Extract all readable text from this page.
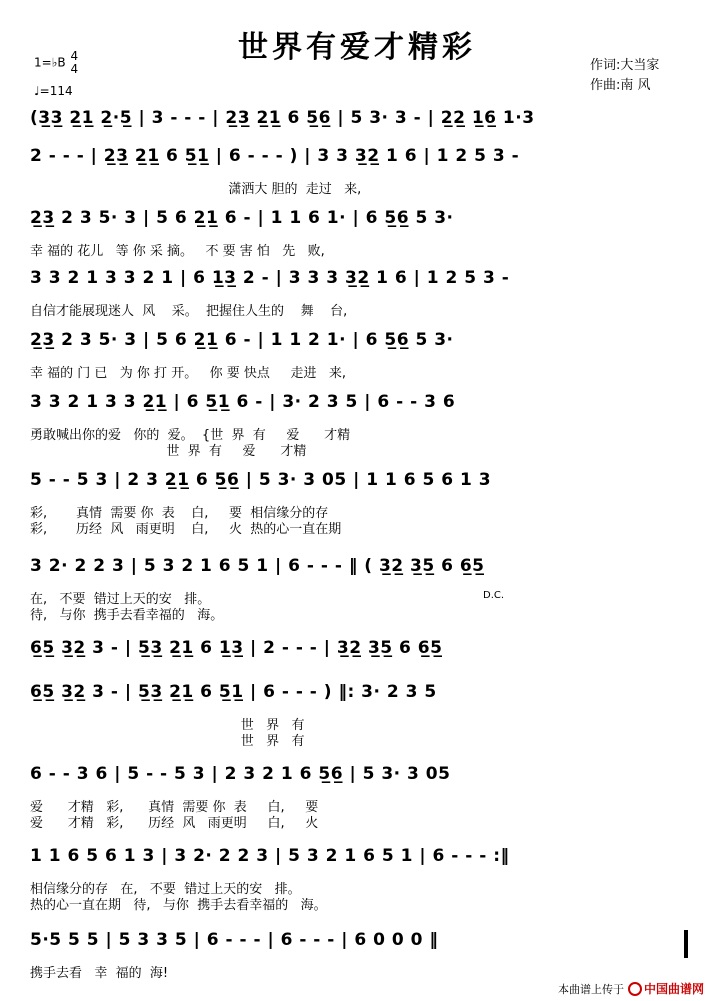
世界有爱才精彩
1=♭B 4
4
♩=114
作词:大当家
作曲:南 风
(3̲3̲ 2̲1̲ 2̲·5̲ | 3 - - - | 2̲3̲ 2̲1̲ 6 5̲6̲ | 5 3· 3 - | 2̲2̲ 1̲6̲ 1·3
2 - - - | 2̲3̲ 2̲1̲ 6 5̲1̲ | 6 - - - ) | 3 3 3̲2̲ 1 6 | 1 2 5 3 -
潇洒大 胆的  走过   来,
2̲3̲ 2 3 5· 3 | 5 6 2̲1̲ 6 - | 1 1 6 1· | 6 5̲6̲ 5 3·
幸 福的 花儿   等 你 采 摘。   不 要 害 怕   先   败,
3 3 2 1 3 3 2 1 | 6 1̲3̲ 2 - | 3 3 3 3̲2̲ 1 6 | 1 2 5 3 -
自信才能展现迷人  风    采。  把握住人生的    舞    台,
2̲3̲ 2 3 5· 3 | 5 6 2̲1̲ 6 - | 1 1 2 1· | 6 5̲6̲ 5 3·
幸 福的 门 已   为 你 打 开。   你 要 快点     走进   来,
3 3 2 1 3 3 2̲1̲ | 6 5̲1̲ 6 - | 3· 2 3 5 | 6 - - 3 6
勇敢喊出你的爱   你的  爱。  {世  界  有     爱      才精
世  界  有     爱      才精
5 - - 5 3 | 2 3 2̲1̲ 6 5̲6̲ | 5 3· 3 05 | 1 1 6 5 6 1 3
彩,       真情  需要 你  表    白,     要  相信缘分的存
彩,       历经  风   雨更明    白,     火  热的心一直在期
3 2· 2 2 3 | 5 3 2 1 6 5 1 | 6 - - - ‖ ( 3̲2̲ 3̲5̲ 6 6̲5̲
在,   不要  错过上天的安   排。
待,   与你  携手去看幸福的   海。
6̲5̲ 3̲2̲ 3 - | 5̲3̲ 2̲1̲ 6 1̲3̲ | 2 - - - | 3̲2̲ 3̲5̲ 6 6̲5̲
6̲5̲ 3̲2̲ 3 - | 5̲3̲ 2̲1̲ 6 5̲1̲ | 6 - - - ) ‖: 3· 2 3 5
世   界   有
世   界   有
6 - - 3 6 | 5 - - 5 3 | 2 3 2 1 6 5̲6̲ | 5 3· 3 05
爱      才精   彩,      真情  需要 你  表     白,     要
爱      才精   彩,      历经  风   雨更明     白,     火
1 1 6 5 6 1 3 | 3 2· 2 2 3 | 5 3 2 1 6 5 1 | 6 - - - :‖
相信缘分的存   在,   不要  错过上天的安   排。
热的心一直在期   待,   与你  携手去看幸福的   海。
5·5 5 5 | 5 3 3 5 | 6 - - - | 6 - - - | 6 0 0 0 ‖
携手去看   幸  福的  海!
D.C.
本曲谱上传于 中国曲谱网
